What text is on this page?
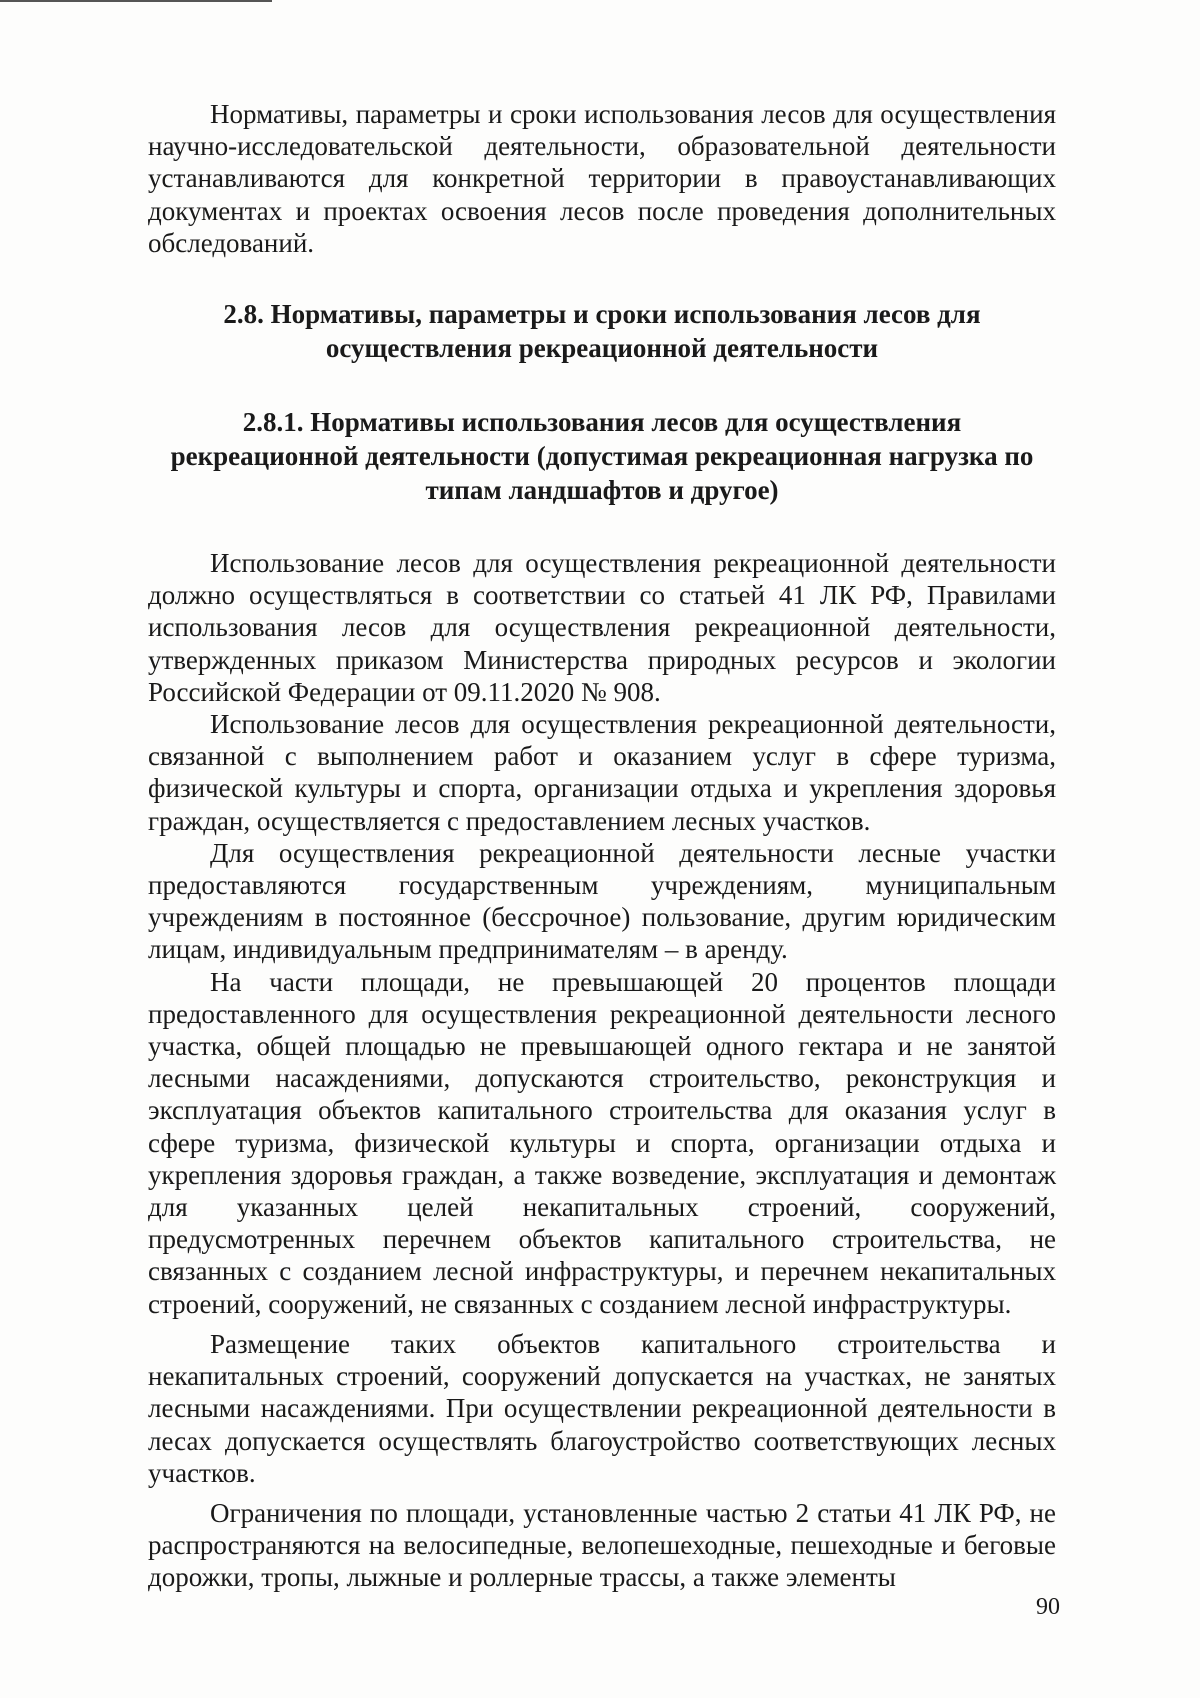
Нормативы, параметры и сроки использования лесов для осуществления научно-исследовательской деятельности, образовательной деятельности устанавливаются для конкретной территории в правоустанавливающих документах и проектах освоения лесов после проведения дополнительных обследований.

2.8. Нормативы, параметры и сроки использования лесов для осуществления рекреационной деятельности
2.8.1. Нормативы использования лесов для осуществления рекреационной деятельности (допустимая рекреационная нагрузка по типам ландшафтов и другое)

Использование лесов для осуществления рекреационной деятельности должно осуществляться в соответствии со статьей 41 ЛК РФ, Правилами использования лесов для осуществления рекреационной деятельности, утвержденных приказом Министерства природных ресурсов и экологии Российской Федерации от 09.11.2020 № 908.

Использование лесов для осуществления рекреационной деятельности, связанной с выполнением работ и оказанием услуг в сфере туризма, физической культуры и спорта, организации отдыха и укрепления здоровья граждан, осуществляется с предоставлением лесных участков.

Для осуществления рекреационной деятельности лесные участки предоставляются государственным учреждениям, муниципальным учреждениям в постоянное (бессрочное) пользование, другим юридическим лицам, индивидуальным предпринимателям – в аренду.

На части площади, не превышающей 20 процентов площади предоставленного для осуществления рекреационной деятельности лесного участка, общей площадью не превышающей одного гектара и не занятой лесными насаждениями, допускаются строительство, реконструкция и эксплуатация объектов капитального строительства для оказания услуг в сфере туризма, физической культуры и спорта, организации отдыха и укрепления здоровья граждан, а также возведение, эксплуатация и демонтаж для указанных целей некапитальных строений, сооружений, предусмотренных перечнем объектов капитального строительства, не связанных с созданием лесной инфраструктуры, и перечнем некапитальных строений, сооружений, не связанных с созданием лесной инфраструктуры.

Размещение таких объектов капитального строительства и некапитальных строений, сооружений допускается на участках, не занятых лесными насаждениями. При осуществлении рекреационной деятельности в лесах допускается осуществлять благоустройство соответствующих лесных участков.

Ограничения по площади, установленные частью 2 статьи 41 ЛК РФ, не распространяются на велосипедные, велопешеходные, пешеходные и беговые дорожки, тропы, лыжные и роллерные трассы, а также элементы

90
